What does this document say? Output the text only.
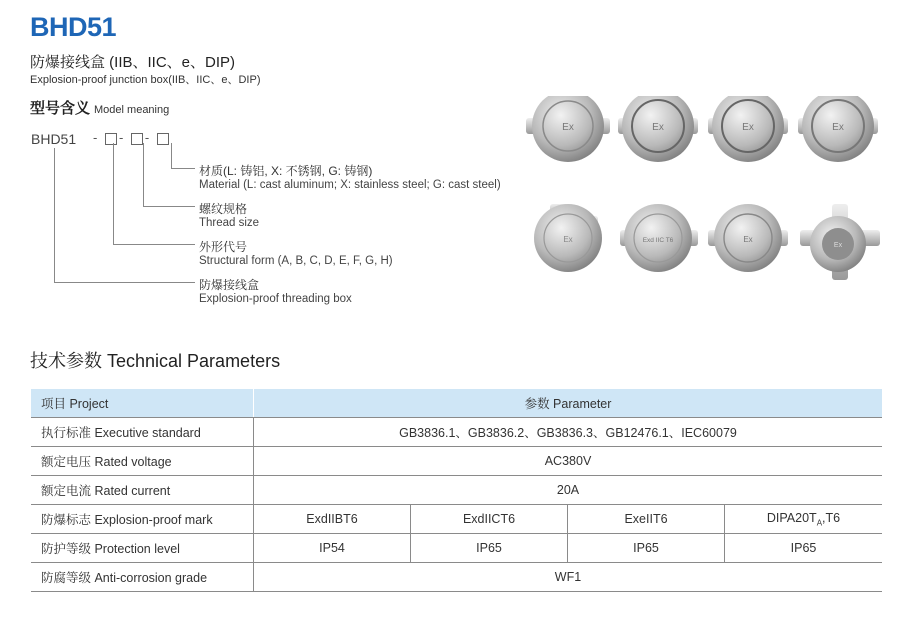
BHD51
防爆接线盒 (IIB、IIC、e、DIP)
Explosion-proof junction box(IIB、IIC、e、DIP)
型号含义 Model meaning
BHD51 - - -
材质(L: 铸铝, X: 不锈钢, G: 铸钢)
Material (L: cast aluminum; X: stainless steel; G: cast steel)
螺纹规格
Thread size
外形代号
Structural form (A, B, C, D, E, F, G, H)
防爆接线盒
Explosion-proof threading box
Ex	Ex	Ex	Ex
Ex	Exd IIC T6	Ex
Ex
技术参数 Technical Parameters
项目 Project	参数 Parameter			
执行标准 Executive standard	GB3836.1、GB3836.2、GB3836.3、GB12476.1、IEC60079			
额定电压 Rated voltage	AC380V			
额定电流 Rated current	20A			
防爆标志 Explosion-proof mark	ExdIIBT6	ExdIICT6	ExeIIT6	$DIPA20T_A,T6$
防护等级 Protection level	IP54	IP65	IP65	IP65
防腐等级 Anti-corrosion grade	WF1			
